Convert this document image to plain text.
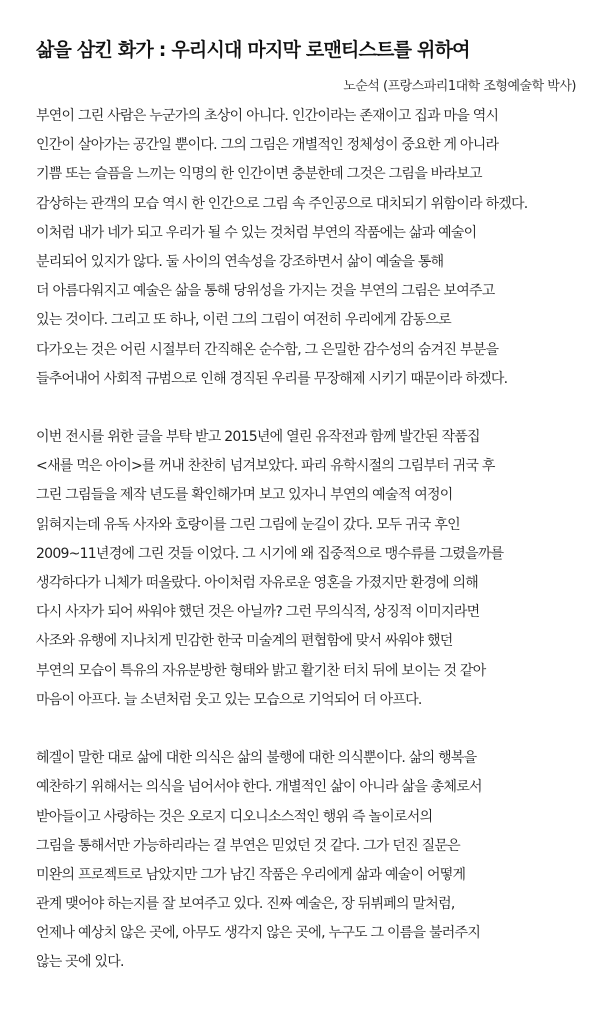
삶을 삼킨 화가 : 우리시대 마지막 로맨티스트를 위하여
노순석 (프랑스파리1대학 조형예술학 박사)
부연이 그린 사람은 누군가의 초상이 아니다. 인간이라는 존재이고 집과 마을 역시
인간이 살아가는 공간일 뿐이다. 그의 그림은 개별적인 정체성이 중요한 게 아니라
기쁨 또는 슬픔을 느끼는 익명의 한 인간이면 충분한데 그것은 그림을 바라보고
감상하는 관객의 모습 역시 한 인간으로 그림 속 주인공으로 대치되기 위함이라 하겠다.
이처럼 내가 네가 되고 우리가 될 수 있는 것처럼 부연의 작품에는 삶과 예술이
분리되어 있지가 않다. 둘 사이의 연속성을 강조하면서 삶이 예술을 통해
더 아름다워지고 예술은 삶을 통해 당위성을 가지는 것을 부연의 그림은 보여주고
있는 것이다. 그리고 또 하나, 이런 그의 그림이 여전히 우리에게 감동으로
다가오는 것은 어린 시절부터 간직해온 순수함, 그 은밀한 감수성의 숨겨진 부분을
들추어내어 사회적 규범으로 인해 경직된 우리를 무장해제 시키기 때문이라 하겠다.
이번 전시를 위한 글을 부탁 받고 2015년에 열린 유작전과 함께 발간된 작품집
<새를 먹은 아이>를 꺼내 찬찬히 넘겨보았다. 파리 유학시절의 그림부터 귀국 후
그린 그림들을 제작 년도를 확인해가며 보고 있자니 부연의 예술적 여정이
읽혀지는데 유독 사자와 호랑이를 그린 그림에 눈길이 갔다. 모두 귀국 후인
2009~11년경에 그린 것들 이었다. 그 시기에 왜 집중적으로 맹수류를 그렸을까를
생각하다가 니체가 떠올랐다. 아이처럼 자유로운 영혼을 가졌지만 환경에 의해
다시 사자가 되어 싸워야 했던 것은 아닐까? 그런 무의식적, 상징적 이미지라면
사조와 유행에 지나치게 민감한 한국 미술계의 편협함에 맞서 싸워야 했던
부연의 모습이 특유의 자유분방한 형태와 밝고 활기찬 터치 뒤에 보이는 것 같아
마음이 아프다. 늘 소년처럼 웃고 있는 모습으로 기억되어 더 아프다.
헤겔이 말한 대로 삶에 대한 의식은 삶의 불행에 대한 의식뿐이다. 삶의 행복을
예찬하기 위해서는 의식을 넘어서야 한다. 개별적인 삶이 아니라 삶을 총체로서
받아들이고 사랑하는 것은 오로지 디오니소스적인 행위 즉 놀이로서의
그림을 통해서만 가능하리라는 걸 부연은 믿었던 것 같다. 그가 던진 질문은
미완의 프로젝트로 남았지만 그가 남긴 작품은 우리에게 삶과 예술이 어떻게
관계 맺어야 하는지를 잘 보여주고 있다. 진짜 예술은, 장 뒤뷔페의 말처럼,
언제나 예상치 않은 곳에, 아무도 생각지 않은 곳에, 누구도 그 이름을 불러주지
않는 곳에 있다.
